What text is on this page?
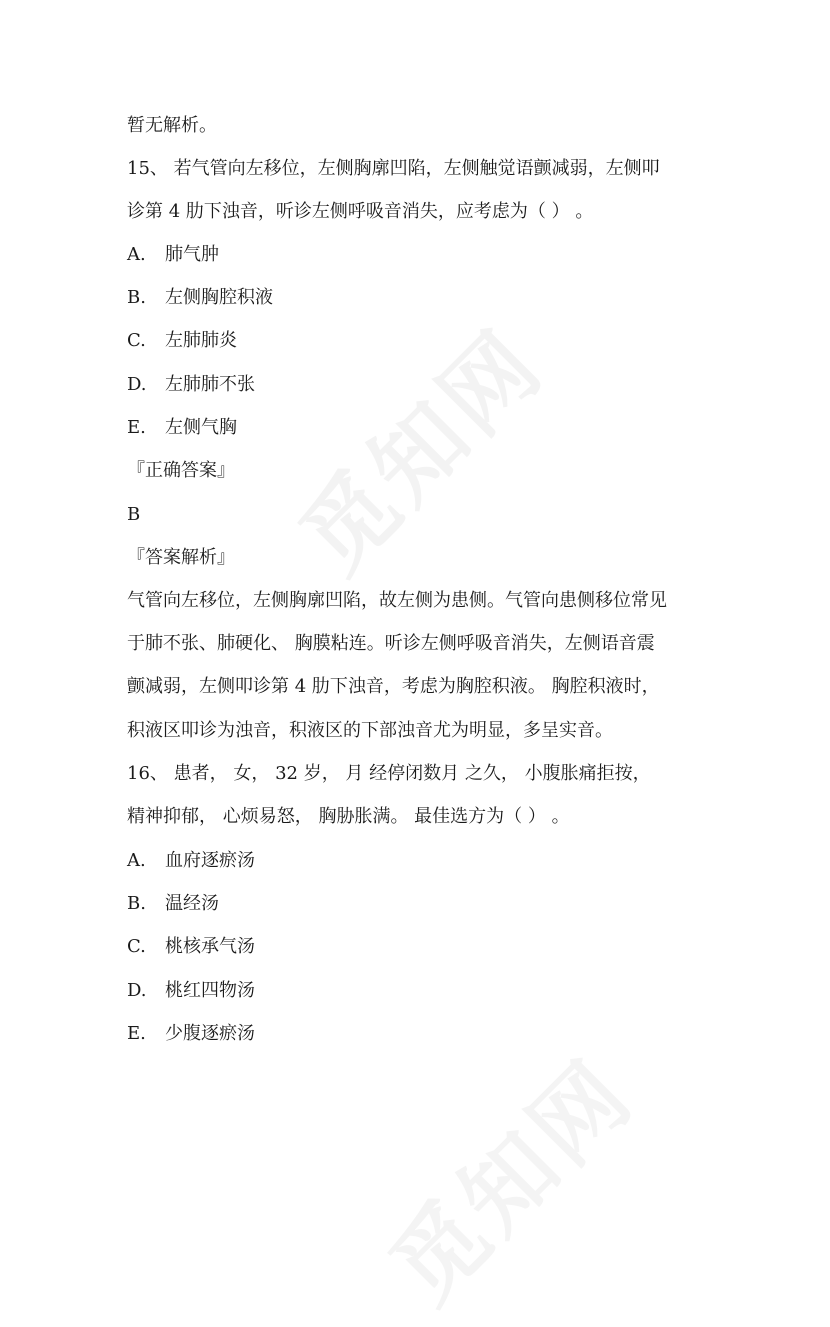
暂无解析。
15、 若气管向左移位，左侧胸廓凹陷，左侧触觉语颤减弱，左侧叩
诊第 4 肋下浊音，听诊左侧呼吸音消失，应考虑为（ ） 。
A. 肺气肿
B. 左侧胸腔积液
C. 左肺肺炎
D. 左肺肺不张
E. 左侧气胸
『正确答案』
B
『答案解析』
气管向左移位，左侧胸廓凹陷，故左侧为患侧。气管向患侧移位常见
于肺不张、肺硬化、 胸膜粘连。听诊左侧呼吸音消失，左侧语音震
颤减弱，左侧叩诊第 4 肋下浊音，考虑为胸腔积液。 胸腔积液时，
积液区叩诊为浊音，积液区的下部浊音尤为明显，多呈实音。
16、 患者， 女， 32 岁， 月 经停闭数月 之久， 小腹胀痛拒按，
精神抑郁， 心烦易怒， 胸胁胀满。 最佳选方为（ ） 。
A. 血府逐瘀汤
B. 温经汤
C. 桃核承气汤
D. 桃红四物汤
E. 少腹逐瘀汤
